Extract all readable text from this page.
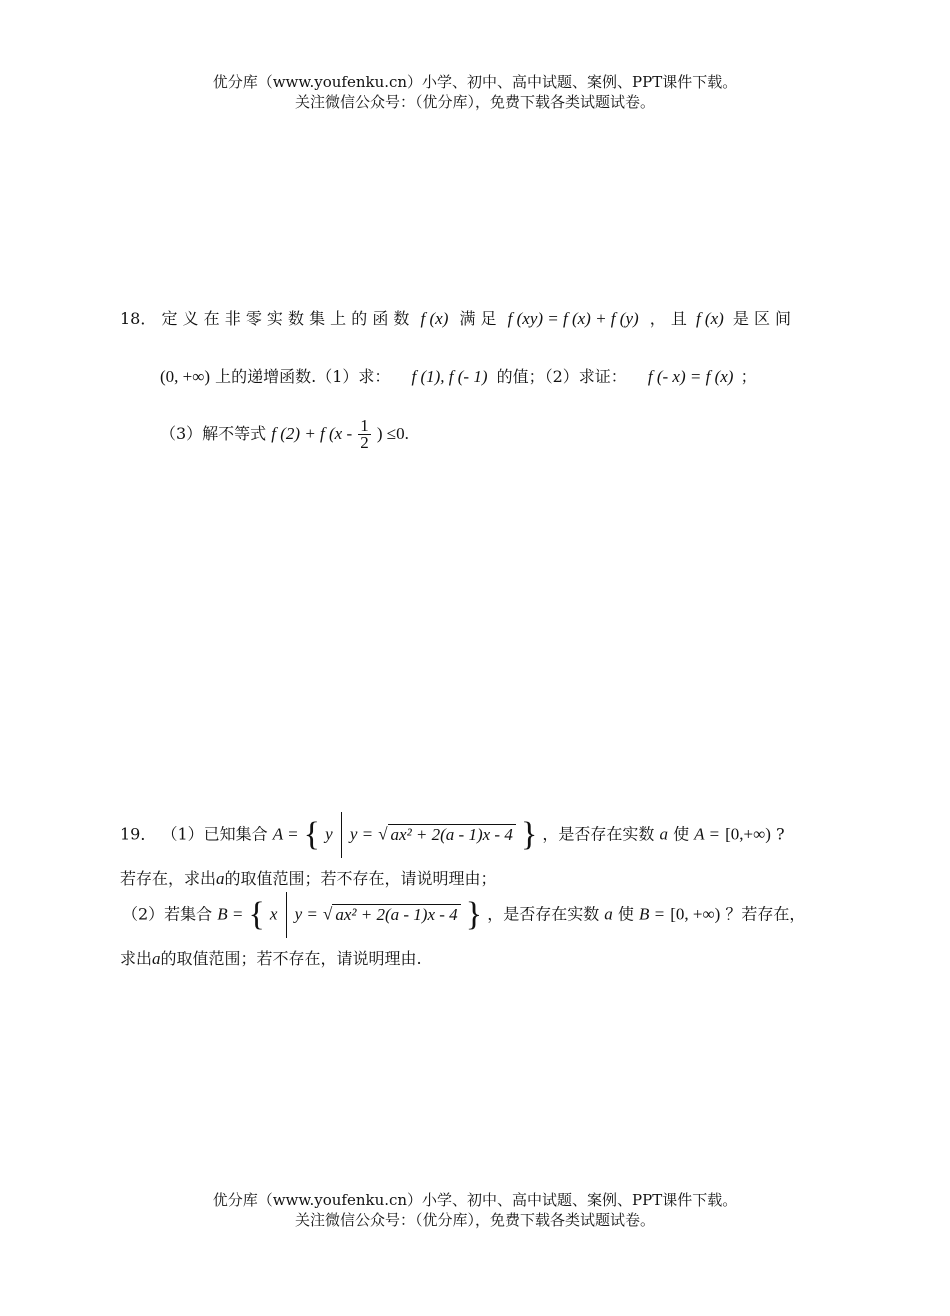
优分库（www.youfenku.cn）小学、初中、高中试题、案例、PPT课件下载。
关注微信公众号：（优分库），免费下载各类试题试卷。
18． 定 义 在 非 零 实 数 集 上 的 函 数 f (x) 满 足 f (xy) = f (x) + f (y) ， 且 f (x) 是 区 间
(0, +∞) 上的递增函数.（1）求： f (1), f (- 1) 的值；（2）求证： f (- x) = f (x) ；
（3）解不等式 f (2) + f ($x - \frac{1}{2}$ ) ≤0.
19． （1）已知集合 A = { y y = √ ax² + 2(a - 1)x - 4 } ，是否存在实数 a 使 A = [0,+∞) ?
若存在，求出a的取值范围；若不存在，请说明理由；
（2）若集合 B = { x y = √ ax² + 2(a - 1)x - 4 } ，是否存在实数 a 使 B = [0, +∞) ？若存在，
求出a的取值范围；若不存在，请说明理由.
优分库（www.youfenku.cn）小学、初中、高中试题、案例、PPT课件下载。
关注微信公众号：（优分库），免费下载各类试题试卷。
